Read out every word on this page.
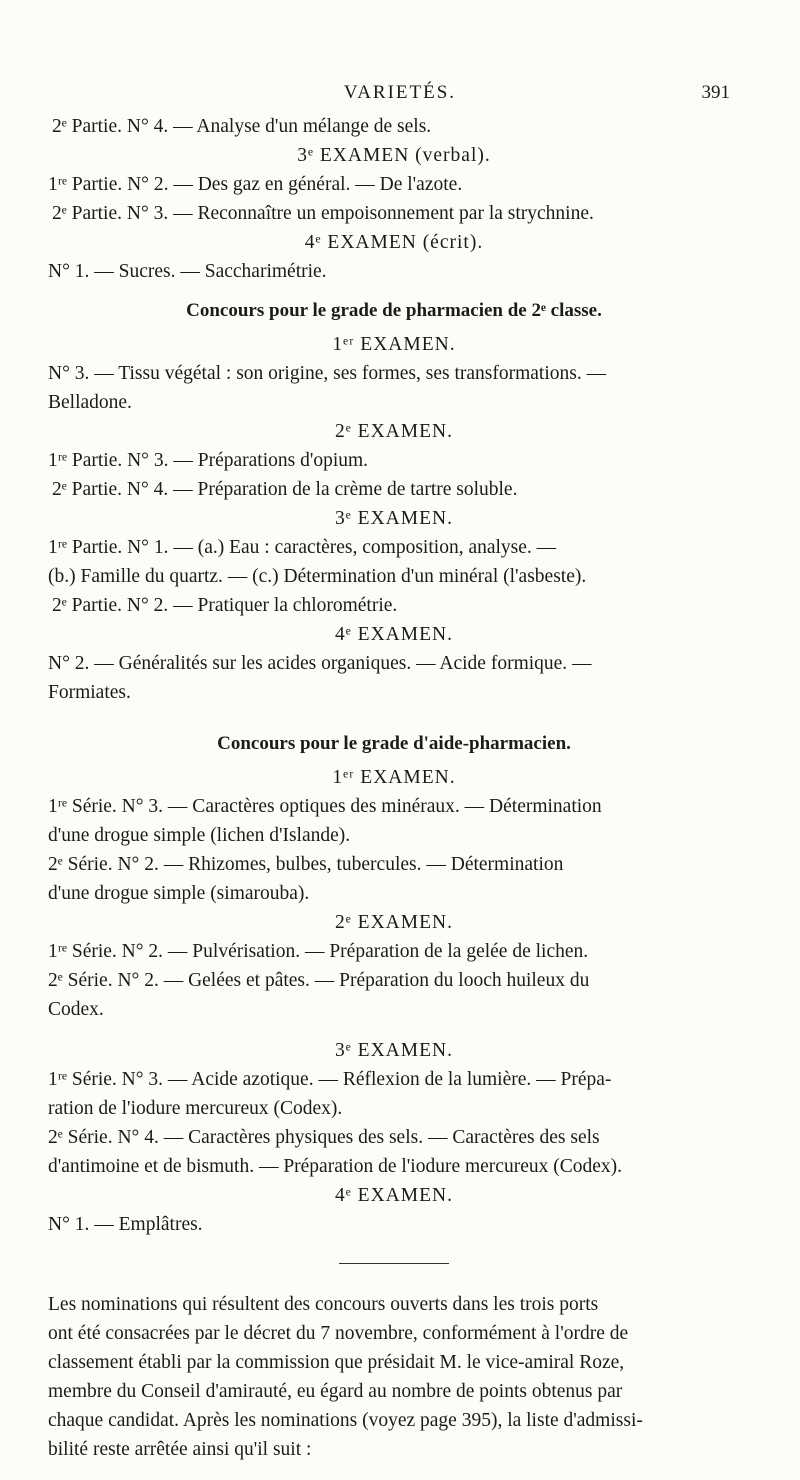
VARIETÉS.	391
2ᵉ Partie. N° 4. — Analyse d'un mélange de sels.
3ᵉ EXAMEN (verbal).
1ʳᵉ Partie. N° 2. — Des gaz en général. — De l'azote.
2ᵉ Partie. N° 3. — Reconnaître un empoisonnement par la strychnine.
4ᵉ EXAMEN (écrit).
N° 1. — Sucres. — Saccharimétrie.
Concours pour le grade de pharmacien de 2ᵉ classe.
1ᵉʳ EXAMEN.
N° 3. — Tissu végétal : son origine, ses formes, ses transformations. —
Belladone.
2ᵉ EXAMEN.
1ʳᵉ Partie. N° 3. — Préparations d'opium.
2ᵉ Partie. N° 4. — Préparation de la crème de tartre soluble.
3ᵉ EXAMEN.
1ʳᵉ Partie. N° 1. — (a.) Eau : caractères, composition, analyse. —
(b.) Famille du quartz. — (c.) Détermination d'un minéral (l'asbeste).
2ᵉ Partie. N° 2. — Pratiquer la chlorométrie.
4ᵉ EXAMEN.
N° 2. — Généralités sur les acides organiques. — Acide formique. —
Formiates.
Concours pour le grade d'aide-pharmacien.
1ᵉʳ EXAMEN.
1ʳᵉ Série. N° 3. — Caractères optiques des minéraux. — Détermination
d'une drogue simple (lichen d'Islande).
2ᵉ Série. N° 2. — Rhizomes, bulbes, tubercules. — Détermination
d'une drogue simple (simarouba).
2ᵉ EXAMEN.
1ʳᵉ Série. N° 2. — Pulvérisation. — Préparation de la gelée de lichen.
2ᵉ Série. N° 2. — Gelées et pâtes. — Préparation du looch huileux du
Codex.
3ᵉ EXAMEN.
1ʳᵉ Série. N° 3. — Acide azotique. — Réflexion de la lumière. — Prépa-
ration de l'iodure mercureux (Codex).
2ᵉ Série. N° 4. — Caractères physiques des sels. — Caractères des sels
d'antimoine et de bismuth. — Préparation de l'iodure mercureux (Codex).
4ᵉ EXAMEN.
N° 1. — Emplâtres.
Les nominations qui résultent des concours ouverts dans les trois ports
ont été consacrées par le décret du 7 novembre, conformément à l'ordre de
classement établi par la commission que présidait M. le vice-amiral Roze,
membre du Conseil d'amirauté, eu égard au nombre de points obtenus par
chaque candidat. Après les nominations (voyez page 395), la liste d'admissi-
bilité reste arrêtée ainsi qu'il suit :
